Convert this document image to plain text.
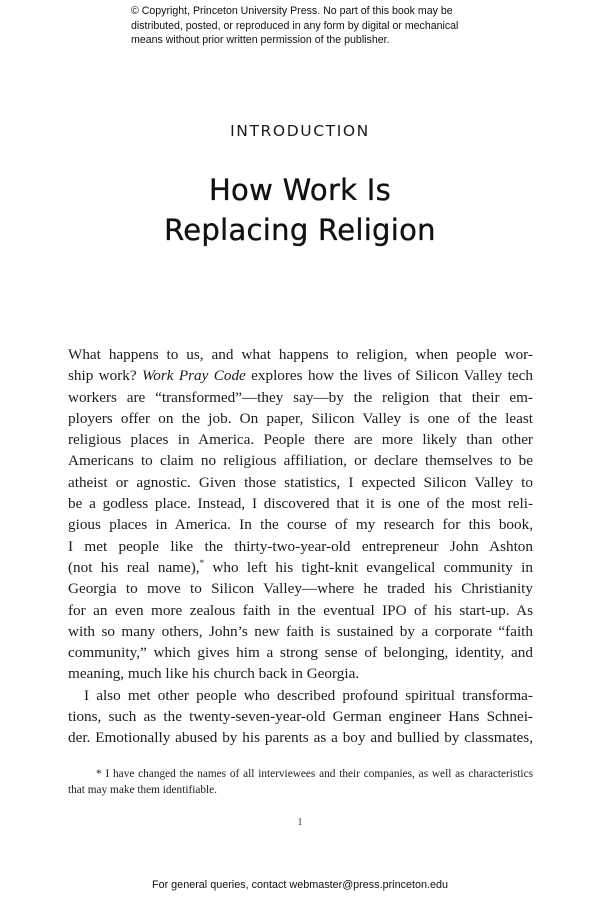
© Copyright, Princeton University Press. No part of this book may be
distributed, posted, or reproduced in any form by digital or mechanical
means without prior written permission of the publisher.
INTRODUCTION
How Work Is
Replacing Religion
What happens to us, and what happens to religion, when people wor-
ship work? Work Pray Code explores how the lives of Silicon Valley tech
workers are “transformed”—they say—by the religion that their em-
ployers offer on the job. On paper, Silicon Valley is one of the least
religious places in America. People there are more likely than other
Americans to claim no religious affiliation, or declare themselves to be
atheist or agnostic. Given those statistics, I expected Silicon Valley to
be a godless place. Instead, I discovered that it is one of the most reli-
gious places in America. In the course of my research for this book,
I met people like the thirty-two-year-old entrepreneur John Ashton
(not his real name),* who left his tight-knit evangelical community in
Georgia to move to Silicon Valley—where he traded his Christianity
for an even more zealous faith in the eventual IPO of his start-up. As
with so many others, John’s new faith is sustained by a corporate “faith
community,” which gives him a strong sense of belonging, identity, and
meaning, much like his church back in Georgia.
I also met other people who described profound spiritual transforma-
tions, such as the twenty-seven-year-old German engineer Hans Schnei-
der. Emotionally abused by his parents as a boy and bullied by classmates,
* I have changed the names of all interviewees and their companies, as well as characteristics
that may make them identifiable.
1
For general queries, contact webmaster@press.princeton.edu
